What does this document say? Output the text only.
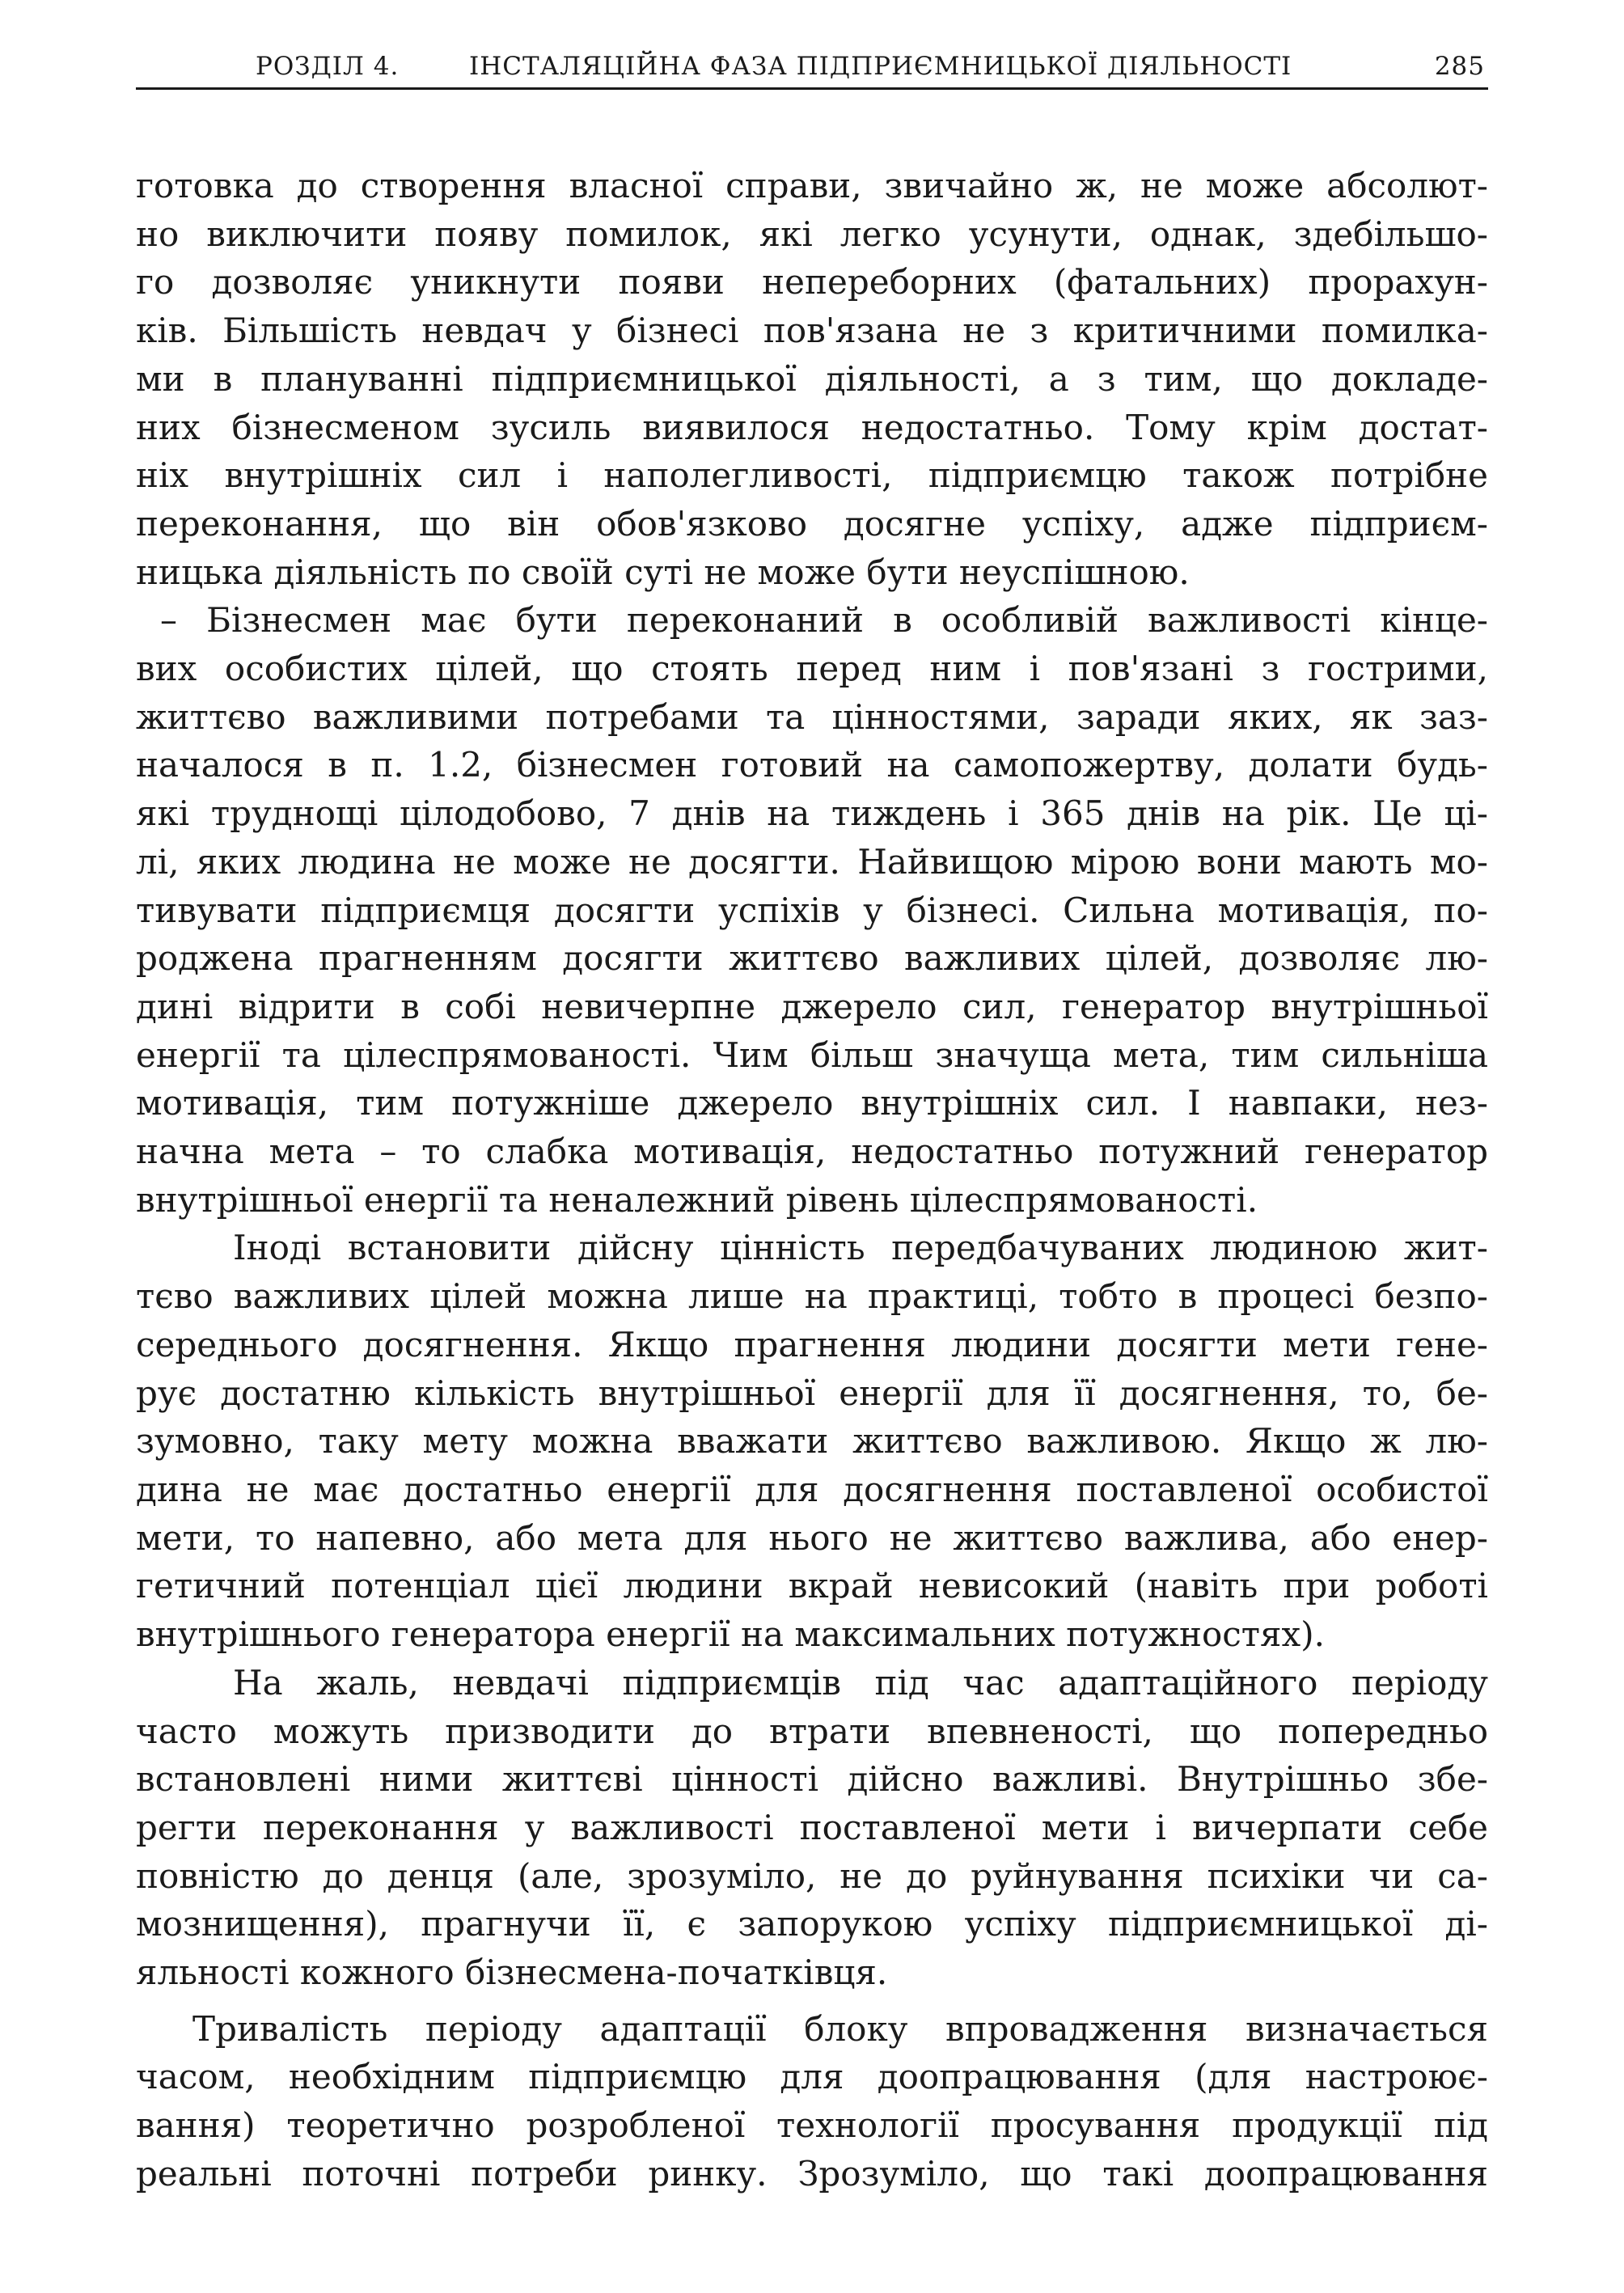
РОЗДІЛ 4.	ІНСТАЛЯЦІЙНА ФАЗА ПІДПРИЄМНИЦЬКОЇ ДІЯЛЬНОСТІ	285

готовка до створення власної справи, звичайно ж, не може абсолют-
но виключити появу помилок, які легко усунути, однак, здебільшо-
го дозволяє уникнути появи непереборних (фатальних) прорахун-
ків. Більшість невдач у бізнесі пов'язана не з критичними помилка-
ми в плануванні підприємницької діяльності, а з тим, що докладе-
них бізнесменом зусиль виявилося недостатньо. Тому крім достат-
ніх внутрішніх сил і наполегливості, підприємцю також потрібне
переконання, що він обов'язково досягне успіху, адже підприєм-
ницька діяльність по своїй суті не може бути неуспішною.

– Бізнесмен має бути переконаний в особливій важливості кінце-
вих особистих цілей, що стоять перед ним і пов'язані з гострими,
життєво важливими потребами та цінностями, заради яких, як заз-
началося в п. 1.2, бізнесмен готовий на самопожертву, долати будь-
які труднощі цілодобово, 7 днів на тиждень і 365 днів на рік. Це ці-
лі, яких людина не може не досягти. Найвищою мірою вони мають мо-
тивувати підприємця досягти успіхів у бізнесі. Сильна мотивація, по-
роджена прагненням досягти життєво важливих цілей, дозволяє лю-
дині відрити в собі невичерпне джерело сил, генератор внутрішньої
енергії та цілеспрямованості. Чим більш значуща мета, тим сильніша
мотивація, тим потужніше джерело внутрішніх сил. І навпаки, нез-
начна мета – то слабка мотивація, недостатньо потужний генератор
внутрішньої енергії та неналежний рівень цілеспрямованості.

Іноді встановити дійсну цінність передбачуваних людиною жит-
тєво важливих цілей можна лише на практиці, тобто в процесі безпо-
середнього досягнення. Якщо прагнення людини досягти мети гене-
рує достатню кількість внутрішньої енергії для її досягнення, то, бе-
зумовно, таку мету можна вважати життєво важливою. Якщо ж лю-
дина не має достатньо енергії для досягнення поставленої особистої
мети, то напевно, або мета для нього не життєво важлива, або енер-
гетичний потенціал цієї людини вкрай невисокий (навіть при роботі
внутрішнього генератора енергії на максимальних потужностях).

На жаль, невдачі підприємців під час адаптаційного періоду
часто можуть призводити до втрати впевненості, що попередньо
встановлені ними життєві цінності дійсно важливі. Внутрішньо збе-
регти переконання у важливості поставленої мети і вичерпати себе
повністю до денця (але, зрозуміло, не до руйнування психіки чи са-
мознищення), прагнучи її, є запорукою успіху підприємницької ді-
яльності кожного бізнесмена-початківця.

Тривалість періоду адаптації блоку впровадження визначається
часом, необхідним підприємцю для доопрацювання (для настроює-
вання) теоретично розробленої технології просування продукції під
реальні поточні потреби ринку. Зрозуміло, що такі доопрацювання
